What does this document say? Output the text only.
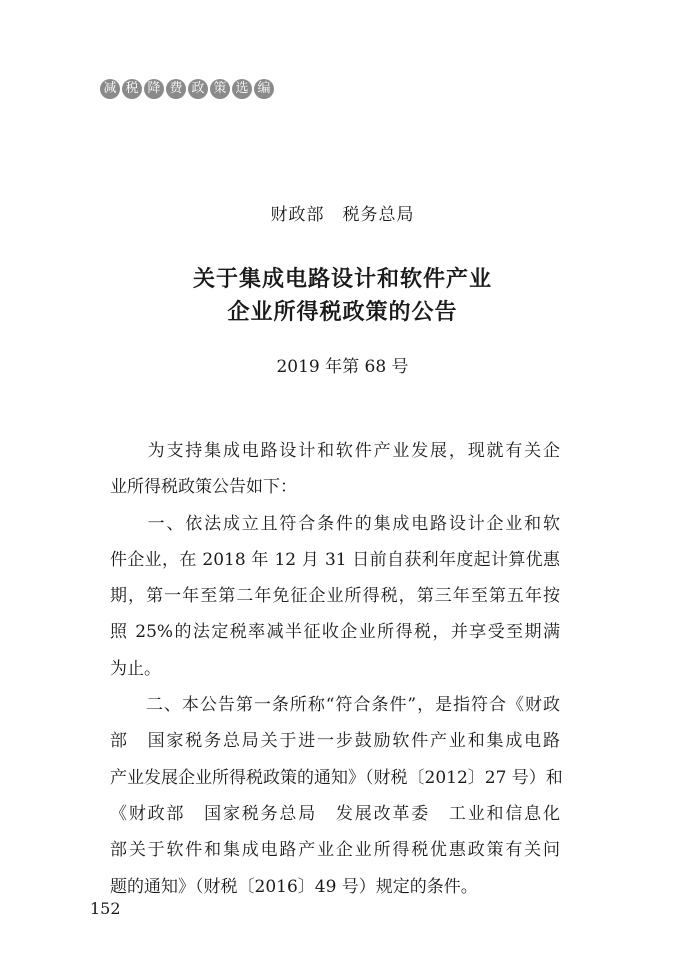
减 税 降 费 政 策 选 编
财政部　税务总局
关于集成电路设计和软件产业
企业所得税政策的公告
2019 年第 68 号
　　为支持集成电路设计和软件产业发展，现就有关企
业所得税政策公告如下：
　　一、依法成立且符合条件的集成电路设计企业和软
件企业，在 2018 年 12 月 31 日前自获利年度起计算优惠
期，第一年至第二年免征企业所得税，第三年至第五年按
照 25%的法定税率减半征收企业所得税，并享受至期满
为止。
　　二、本公告第一条所称“符合条件”，是指符合《财政
部　国家税务总局关于进一步鼓励软件产业和集成电路
产业发展企业所得税政策的通知》（财税〔2012〕27 号）和
《财政部　国家税务总局　发展改革委　工业和信息化
部关于软件和集成电路产业企业所得税优惠政策有关问
题的通知》（财税〔2016〕49 号）规定的条件。
152
